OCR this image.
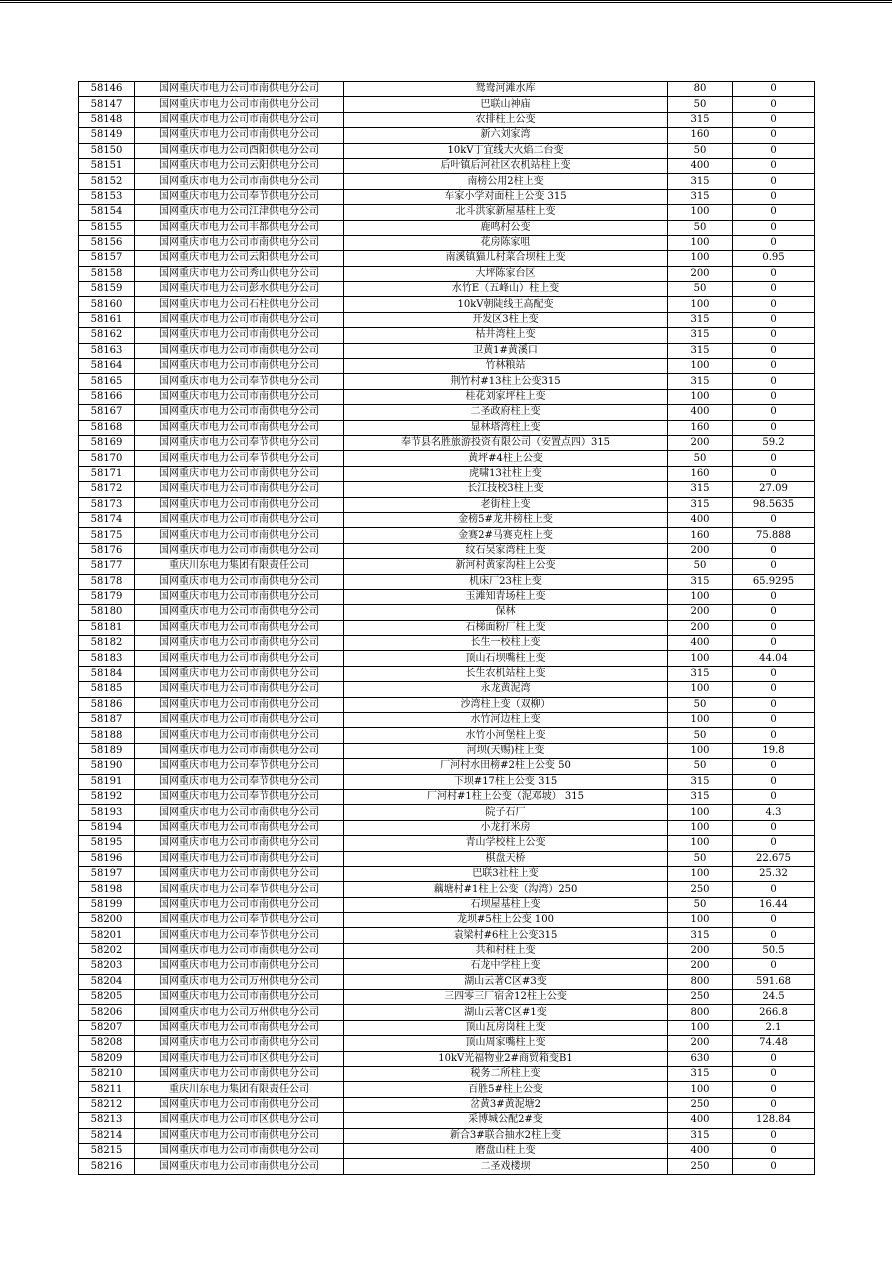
58146	国网重庆市电力公司市南供电分公司	鸳鸯河滩水库	80	0
58147	国网重庆市电力公司市南供电分公司	巴联山神庙	50	0
58148	国网重庆市电力公司市南供电分公司	农排柱上公变	315	0
58149	国网重庆市电力公司市南供电分公司	新六刘家湾	160	0
58150	国网重庆市电力公司酉阳供电分公司	10kV丁宜线大火焰二台变	50	0
58151	国网重庆市电力公司云阳供电分公司	后叶镇后河社区农机站柱上变	400	0
58152	国网重庆市电力公司市南供电分公司	南榜公用2柱上变	315	0
58153	国网重庆市电力公司奉节供电分公司	车家小学对面柱上公变 315	315	0
58154	国网重庆市电力公司江津供电分公司	北斗洪家新屋基柱上变	100	0
58155	国网重庆市电力公司丰都供电分公司	鹿鸣村公变	50	0
58156	国网重庆市电力公司市南供电分公司	花房陈家咀	100	0
58157	国网重庆市电力公司云阳供电分公司	南溪镇猫儿村菜合坝柱上变	100	0.95
58158	国网重庆市电力公司秀山供电分公司	大坪陈家台区	200	0
58159	国网重庆市电力公司彭水供电分公司	水竹E（五峰山）柱上变	50	0
58160	国网重庆市电力公司石柱供电分公司	10kV朝陡线王高配变	100	0
58161	国网重庆市电力公司市南供电分公司	开发区3柱上变	315	0
58162	国网重庆市电力公司市南供电分公司	枯井湾柱上变	315	0
58163	国网重庆市电力公司市南供电分公司	卫黄1#黄溪口	315	0
58164	国网重庆市电力公司市南供电分公司	竹林粮站	100	0
58165	国网重庆市电力公司奉节供电分公司	荆竹村#13柱上公变315	315	0
58166	国网重庆市电力公司市南供电分公司	桂花刘家坪柱上变	100	0
58167	国网重庆市电力公司市南供电分公司	二圣政府柱上变	400	0
58168	国网重庆市电力公司市南供电分公司	显林塔湾柱上变	160	0
58169	国网重庆市电力公司奉节供电分公司	奉节县名胜旅游投资有限公司（安置点四）315	200	59.2
58170	国网重庆市电力公司奉节供电分公司	黄坪#4柱上公变	50	0
58171	国网重庆市电力公司市南供电分公司	虎啸13社柱上变	160	0
58172	国网重庆市电力公司市南供电分公司	长江技校3柱上变	315	27.09
58173	国网重庆市电力公司市南供电分公司	老街柱上变	315	98.5635
58174	国网重庆市电力公司市南供电分公司	金榜5#龙井榜柱上变	400	0
58175	国网重庆市电力公司市南供电分公司	金赛2#马赛克柱上变	160	75.888
58176	国网重庆市电力公司市南供电分公司	纹石吴家湾柱上变	200	0
58177	重庆川东电力集团有限责任公司	新河村黄家沟柱上公变	50	0
58178	国网重庆市电力公司市南供电分公司	机床厂23柱上变	315	65.9295
58179	国网重庆市电力公司市南供电分公司	玉滩知青场柱上变	100	0
58180	国网重庆市电力公司市南供电分公司	保林	200	0
58181	国网重庆市电力公司市南供电分公司	石梯面粉厂柱上变	200	0
58182	国网重庆市电力公司市南供电分公司	长生一校柱上变	400	0
58183	国网重庆市电力公司市南供电分公司	顶山石坝嘴柱上变	100	44.04
58184	国网重庆市电力公司市南供电分公司	长生农机站柱上变	315	0
58185	国网重庆市电力公司市南供电分公司	永龙黄泥湾	100	0
58186	国网重庆市电力公司市南供电分公司	沙湾柱上变（双柳）	50	0
58187	国网重庆市电力公司市南供电分公司	水竹河边柱上变	100	0
58188	国网重庆市电力公司市南供电分公司	水竹小河堡柱上变	50	0
58189	国网重庆市电力公司市南供电分公司	河坝(天赐)柱上变	100	19.8
58190	国网重庆市电力公司奉节供电分公司	厂河村水田榜#2柱上公变 50	50	0
58191	国网重庆市电力公司奉节供电分公司	下坝#17柱上公变 315	315	0
58192	国网重庆市电力公司奉节供电分公司	厂河村#1柱上公变（泥邓坡） 315	315	0
58193	国网重庆市电力公司市南供电分公司	院子石厂	100	4.3
58194	国网重庆市电力公司市南供电分公司	小龙打米房	100	0
58195	国网重庆市电力公司市南供电分公司	青山学校柱上公变	100	0
58196	国网重庆市电力公司市南供电分公司	棋盘天桥	50	22.675
58197	国网重庆市电力公司市南供电分公司	巴联3社柱上变	100	25.32
58198	国网重庆市电力公司奉节供电分公司	藕塘村#1柱上公变（沟湾）250	250	0
58199	国网重庆市电力公司市南供电分公司	石坝屋基柱上变	50	16.44
58200	国网重庆市电力公司奉节供电分公司	龙坝#5柱上公变 100	100	0
58201	国网重庆市电力公司奉节供电分公司	袁梁村#6柱上公变315	315	0
58202	国网重庆市电力公司市南供电分公司	共和村柱上变	200	50.5
58203	国网重庆市电力公司市南供电分公司	石龙中学柱上变	200	0
58204	国网重庆市电力公司万州供电分公司	湖山云著C区#3变	800	591.68
58205	国网重庆市电力公司市南供电分公司	三四零三厂宿舍12柱上公变	250	24.5
58206	国网重庆市电力公司万州供电分公司	湖山云著C区#1变	800	266.8
58207	国网重庆市电力公司市南供电分公司	顶山瓦房岗柱上变	100	2.1
58208	国网重庆市电力公司市南供电分公司	顶山周家嘴柱上变	200	74.48
58209	国网重庆市电力公司市区供电分公司	10kV光福物业2#商贸箱变B1	630	0
58210	国网重庆市电力公司市南供电分公司	税务二所柱上变	315	0
58211	重庆川东电力集团有限责任公司	百胜5#柱上公变	100	0
58212	国网重庆市电力公司市南供电分公司	岔黄3#黄泥塘2	250	0
58213	国网重庆市电力公司市区供电分公司	采博城公配2#变	400	128.84
58214	国网重庆市电力公司市南供电分公司	新合3#联合抽水2柱上变	315	0
58215	国网重庆市电力公司市南供电分公司	磨盘山柱上变	400	0
58216	国网重庆市电力公司市南供电分公司	二圣戏楼坝	250	0
